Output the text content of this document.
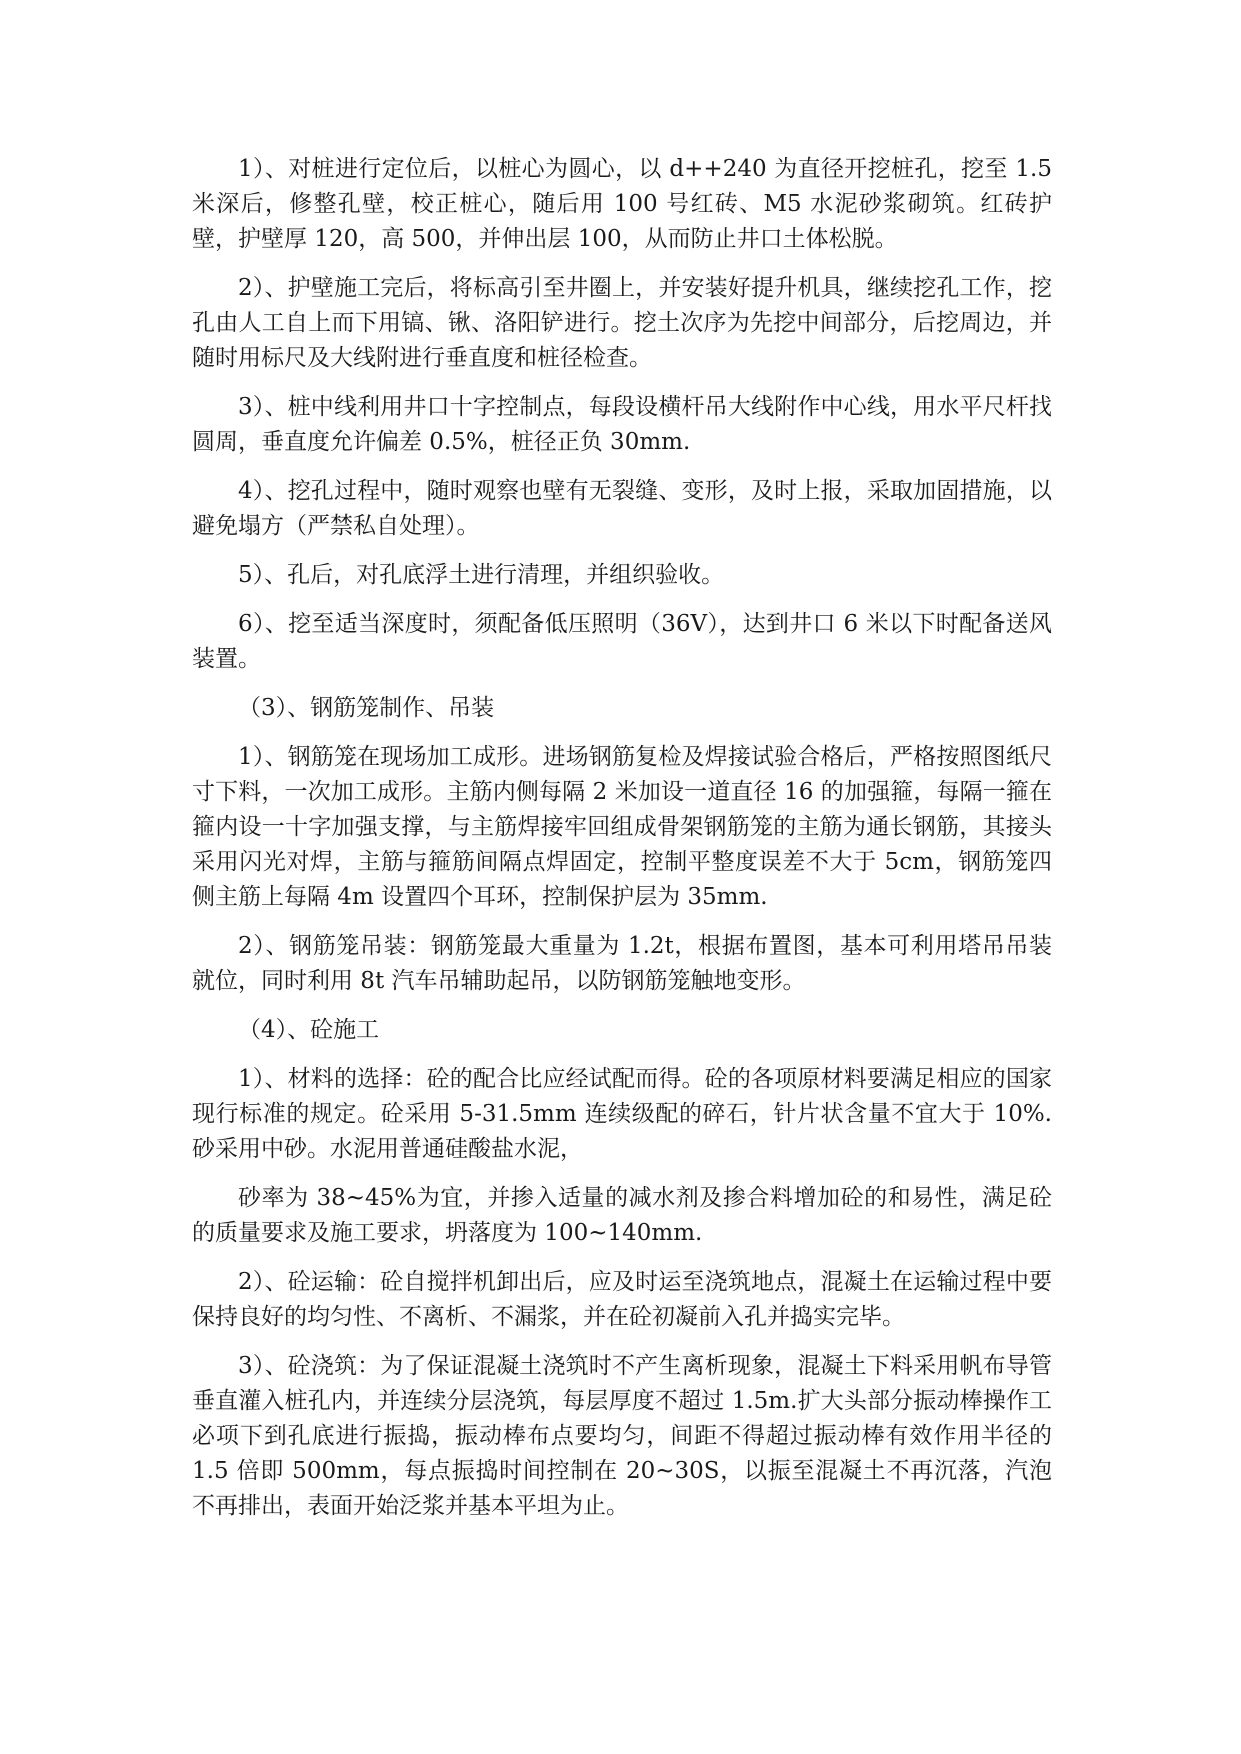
1）、对桩进行定位后，以桩心为圆心，以 d++240 为直径开挖桩孔，挖至 1.5 米深后，修整孔壁，校正桩心，随后用 100 号红砖、M5 水泥砂浆砌筑。红砖护壁，护壁厚 120，高 500，并伸出层 100，从而防止井口土体松脱。

2）、护壁施工完后，将标高引至井圈上，并安装好提升机具，继续挖孔工作，挖孔由人工自上而下用镐、锹、洛阳铲进行。挖土次序为先挖中间部分，后挖周边，并随时用标尺及大线附进行垂直度和桩径检查。

3）、桩中线利用井口十字控制点，每段设横杆吊大线附作中心线，用水平尺杆找圆周，垂直度允许偏差 0.5%，桩径正负 30mm.

4）、挖孔过程中，随时观察也壁有无裂缝、变形，及时上报，采取加固措施，以避免塌方（严禁私自处理）。

5）、孔后，对孔底浮土进行清理，并组织验收。

6）、挖至适当深度时，须配备低压照明（36V），达到井口 6 米以下时配备送风装置。

（3）、钢筋笼制作、吊装

1）、钢筋笼在现场加工成形。进场钢筋复检及焊接试验合格后，严格按照图纸尺寸下料，一次加工成形。主筋内侧每隔 2 米加设一道直径 16 的加强箍，每隔一箍在箍内设一十字加强支撑，与主筋焊接牢回组成骨架钢筋笼的主筋为通长钢筋，其接头采用闪光对焊，主筋与箍筋间隔点焊固定，控制平整度误差不大于 5cm，钢筋笼四侧主筋上每隔 4m 设置四个耳环，控制保护层为 35mm.

2）、钢筋笼吊装：钢筋笼最大重量为 1.2t，根据布置图，基本可利用塔吊吊装就位，同时利用 8t 汽车吊辅助起吊，以防钢筋笼触地变形。

（4）、砼施工

1）、材料的选择：砼的配合比应经试配而得。砼的各项原材料要满足相应的国家现行标准的规定。砼采用 5-31.5mm 连续级配的碎石，针片状含量不宜大于 10%.砂采用中砂。水泥用普通硅酸盐水泥，

砂率为 38~45%为宜，并掺入适量的减水剂及掺合料增加砼的和易性，满足砼的质量要求及施工要求，坍落度为 100~140mm.

2）、砼运输：砼自搅拌机卸出后，应及时运至浇筑地点，混凝土在运输过程中要保持良好的均匀性、不离析、不漏浆，并在砼初凝前入孔并捣实完毕。

3）、砼浇筑：为了保证混凝土浇筑时不产生离析现象，混凝土下料采用帆布导管垂直灌入桩孔内，并连续分层浇筑，每层厚度不超过 1.5m.扩大头部分振动棒操作工必项下到孔底进行振捣，振动棒布点要均匀，间距不得超过振动棒有效作用半径的 1.5 倍即 500mm，每点振捣时间控制在 20~30S，以振至混凝土不再沉落，汽泡不再排出，表面开始泛浆并基本平坦为止。
